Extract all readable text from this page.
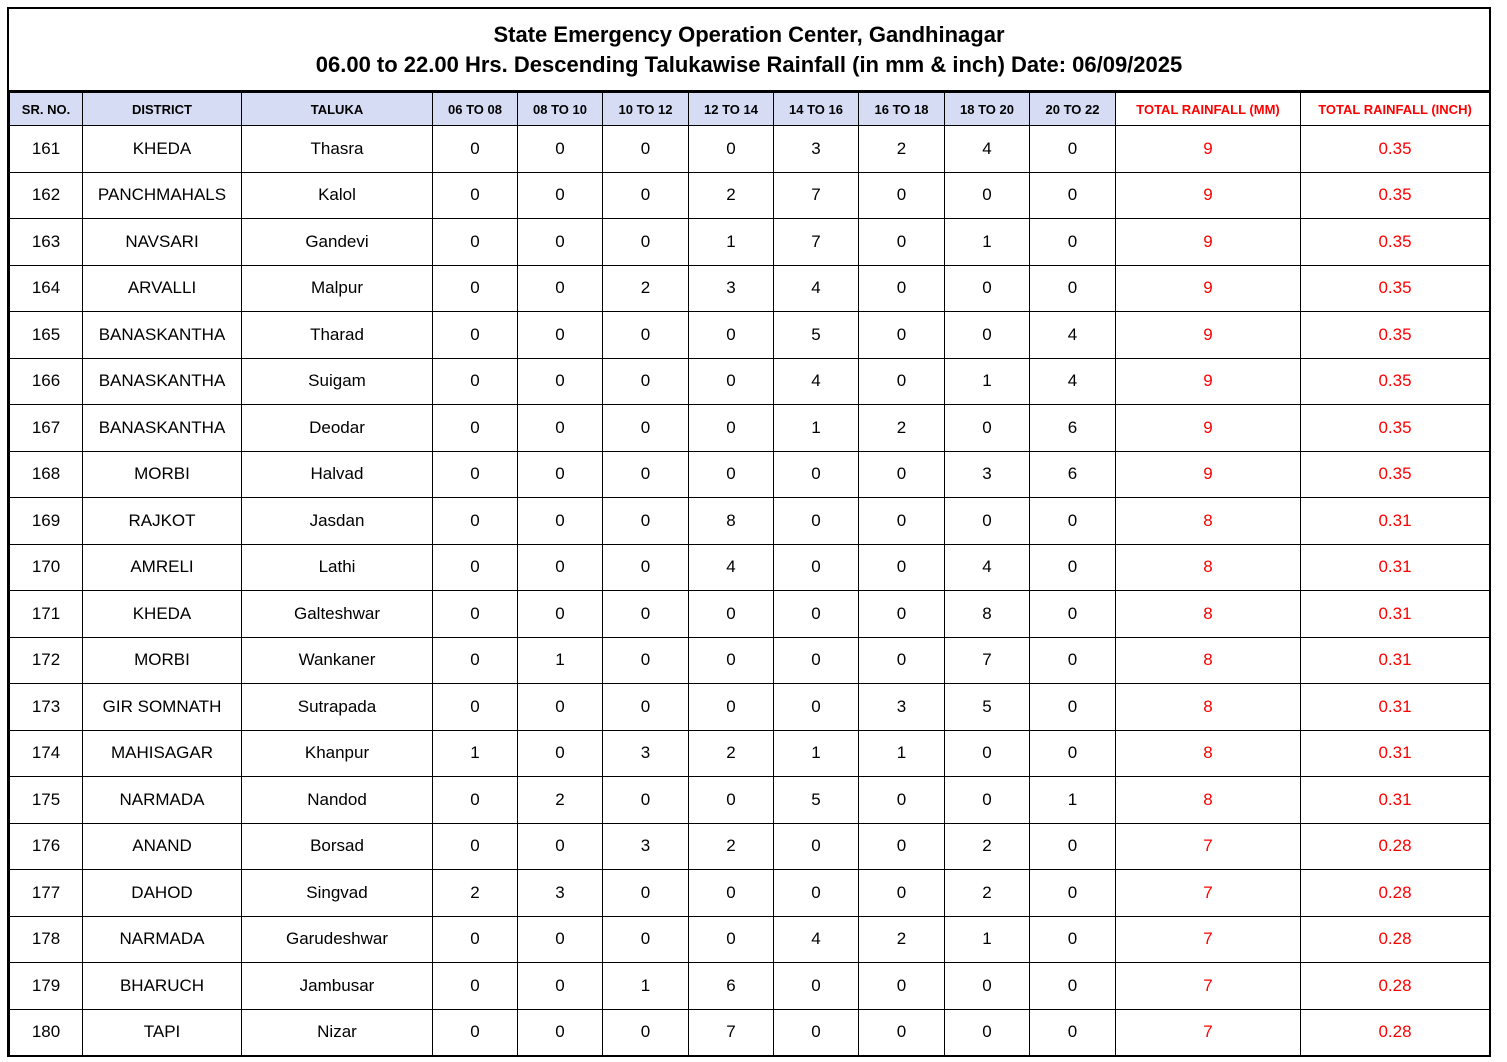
State Emergency Operation Center, Gandhinagar
06.00 to 22.00 Hrs. Descending Talukawise Rainfall (in mm & inch) Date: 06/09/2025
SR. NO.	DISTRICT	TALUKA	06 TO 08	08 TO 10	10 TO 12	12 TO 14	14 TO 16	16 TO 18	18 TO 20	20 TO 22	TOTAL RAINFALL (MM)	TOTAL RAINFALL (INCH)
161	KHEDA	Thasra	0	0	0	0	3	2	4	0	9	0.35
162	PANCHMAHALS	Kalol	0	0	0	2	7	0	0	0	9	0.35
163	NAVSARI	Gandevi	0	0	0	1	7	0	1	0	9	0.35
164	ARVALLI	Malpur	0	0	2	3	4	0	0	0	9	0.35
165	BANASKANTHA	Tharad	0	0	0	0	5	0	0	4	9	0.35
166	BANASKANTHA	Suigam	0	0	0	0	4	0	1	4	9	0.35
167	BANASKANTHA	Deodar	0	0	0	0	1	2	0	6	9	0.35
168	MORBI	Halvad	0	0	0	0	0	0	3	6	9	0.35
169	RAJKOT	Jasdan	0	0	0	8	0	0	0	0	8	0.31
170	AMRELI	Lathi	0	0	0	4	0	0	4	0	8	0.31
171	KHEDA	Galteshwar	0	0	0	0	0	0	8	0	8	0.31
172	MORBI	Wankaner	0	1	0	0	0	0	7	0	8	0.31
173	GIR SOMNATH	Sutrapada	0	0	0	0	0	3	5	0	8	0.31
174	MAHISAGAR	Khanpur	1	0	3	2	1	1	0	0	8	0.31
175	NARMADA	Nandod	0	2	0	0	5	0	0	1	8	0.31
176	ANAND	Borsad	0	0	3	2	0	0	2	0	7	0.28
177	DAHOD	Singvad	2	3	0	0	0	0	2	0	7	0.28
178	NARMADA	Garudeshwar	0	0	0	0	4	2	1	0	7	0.28
179	BHARUCH	Jambusar	0	0	1	6	0	0	0	0	7	0.28
180	TAPI	Nizar	0	0	0	7	0	0	0	0	7	0.28
